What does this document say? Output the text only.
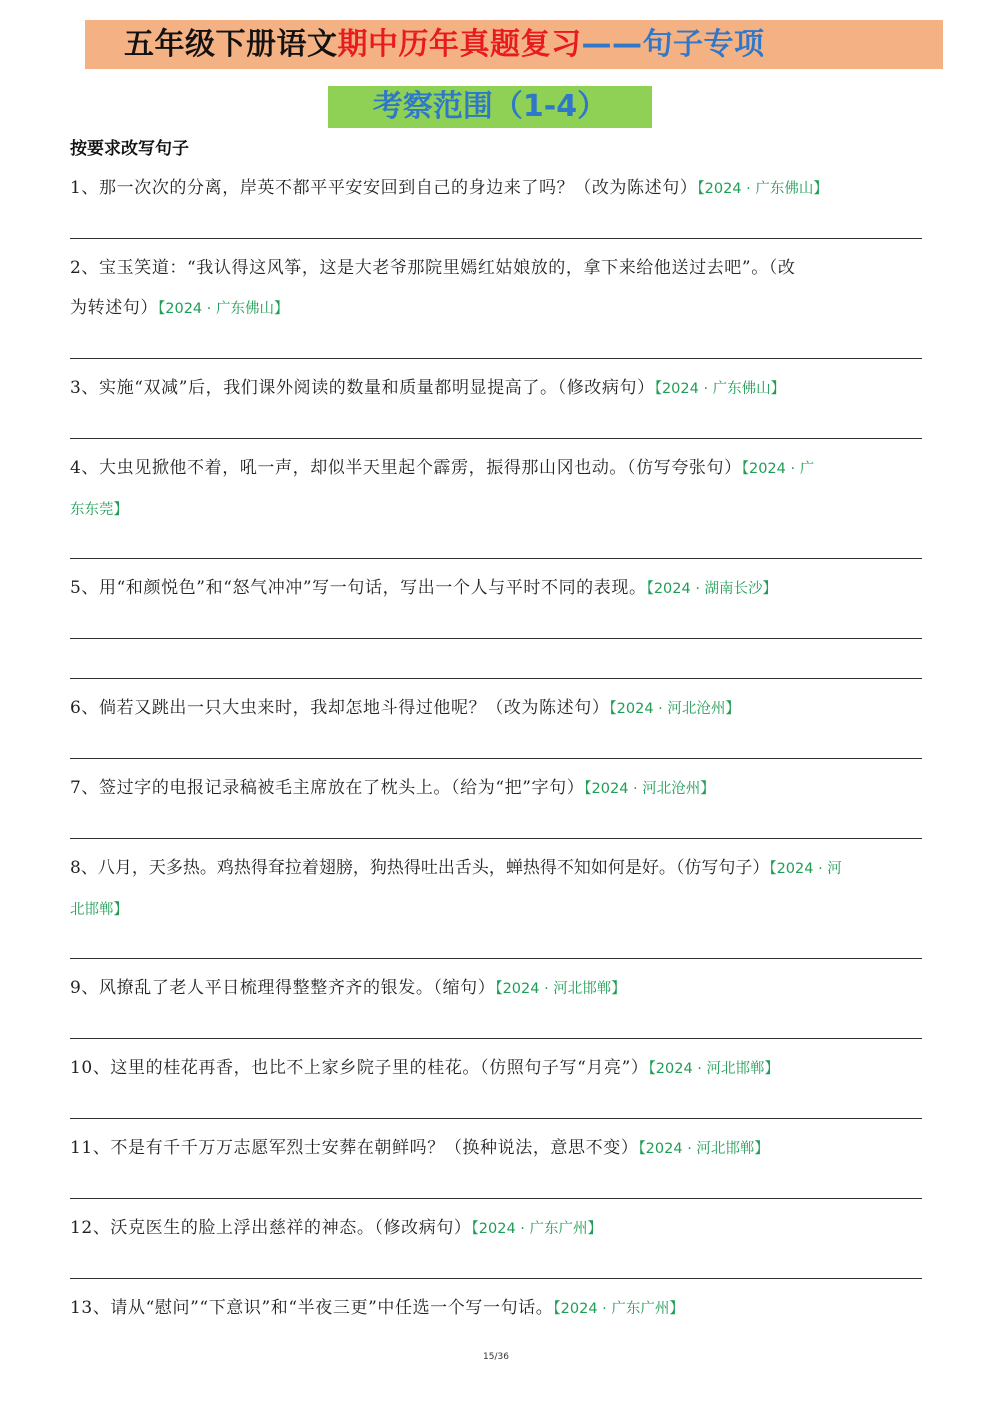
五年级下册语文期中历年真题复习——句子专项
考察范围（1-4）
按要求改写句子
1、那一次次的分离，岸英不都平平安安回到自己的身边来了吗？（改为陈述句）【2024 · 广东佛山】
2、宝玉笑道：“我认得这风筝，这是大老爷那院里嫣红姑娘放的，拿下来给他送过去吧”。（改
为转述句）【2024 · 广东佛山】
3、实施“双减”后，我们课外阅读的数量和质量都明显提高了。（修改病句）【2024 · 广东佛山】
4、大虫见掀他不着，吼一声，却似半天里起个霹雳，振得那山冈也动。（仿写夸张句）【2024 · 广
东东莞】
5、用“和颜悦色”和“怒气冲冲”写一句话，写出一个人与平时不同的表现。【2024 · 湖南长沙】
6、倘若又跳出一只大虫来时，我却怎地斗得过他呢？（改为陈述句）【2024 · 河北沧州】
7、签过字的电报记录稿被毛主席放在了枕头上。（给为“把”字句）【2024 · 河北沧州】
8、八月，天多热。鸡热得耷拉着翅膀，狗热得吐出舌头，蝉热得不知如何是好。（仿写句子）【2024 · 河
北邯郸】
9、风撩乱了老人平日梳理得整整齐齐的银发。（缩句）【2024 · 河北邯郸】
10、这里的桂花再香，也比不上家乡院子里的桂花。（仿照句子写“月亮”）【2024 · 河北邯郸】
11、不是有千千万万志愿军烈士安葬在朝鲜吗？（换种说法，意思不变）【2024 · 河北邯郸】
12、沃克医生的脸上浮出慈祥的神态。（修改病句）【2024 · 广东广州】
13、请从“慰问”“下意识”和“半夜三更”中任选一个写一句话。【2024 · 广东广州】
15/36
